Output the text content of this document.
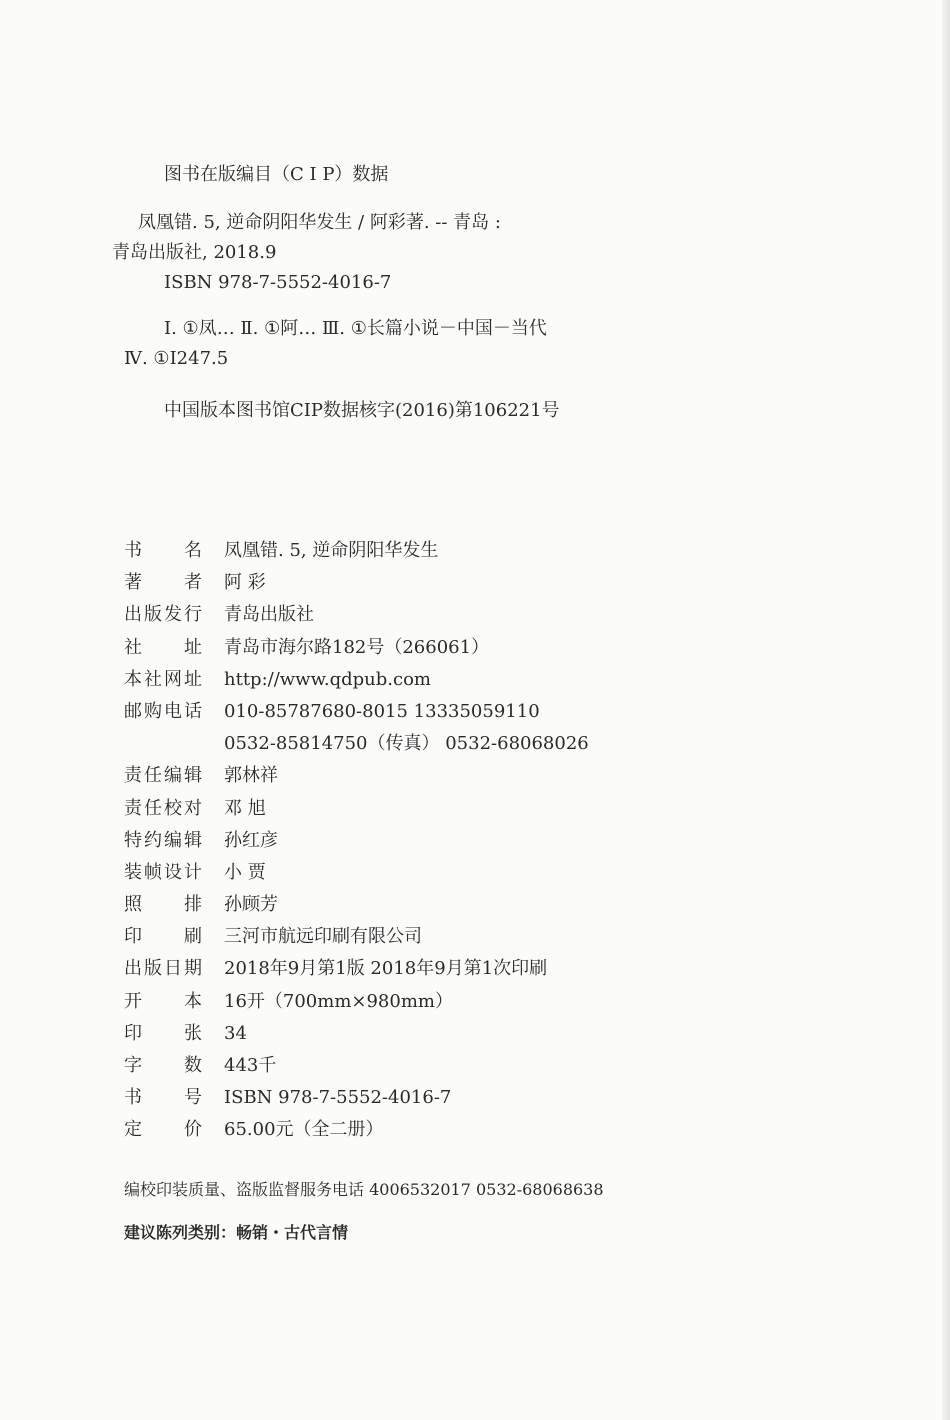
图书在版编目（C I P）数据
凤凰错. 5, 逆命阴阳华发生 / 阿彩著. -- 青岛 :
青岛出版社, 2018.9
ISBN 978-7-5552-4016-7
Ⅰ. ①凤… Ⅱ. ①阿… Ⅲ. ①长篇小说－中国－当代
Ⅳ. ①I247.5
中国版本图书馆CIP数据核字(2016)第106221号
书 名 凤凰错. 5, 逆命阴阳华发生
著 者 阿 彩
出 版 发 行 青岛出版社
社 址 青岛市海尔路182号（266061）
本 社 网 址 http://www.qdpub.com
邮 购 电 话 010-85787680-8015 13335059110
0532-85814750（传真） 0532-68068026
责 任 编 辑 郭林祥
责 任 校 对 邓 旭
特 约 编 辑 孙红彦
装 帧 设 计 小 贾
照 排 孙顾芳
印 刷 三河市航远印刷有限公司
出 版 日 期 2018年9月第1版 2018年9月第1次印刷
开 本 16开（700mm×980mm）
印 张 34
字 数 443千
书 号 ISBN 978-7-5552-4016-7
定 价 65.00元（全二册）
编校印装质量、盗版监督服务电话 4006532017 0532-68068638
建议陈列类别：畅销・古代言情
